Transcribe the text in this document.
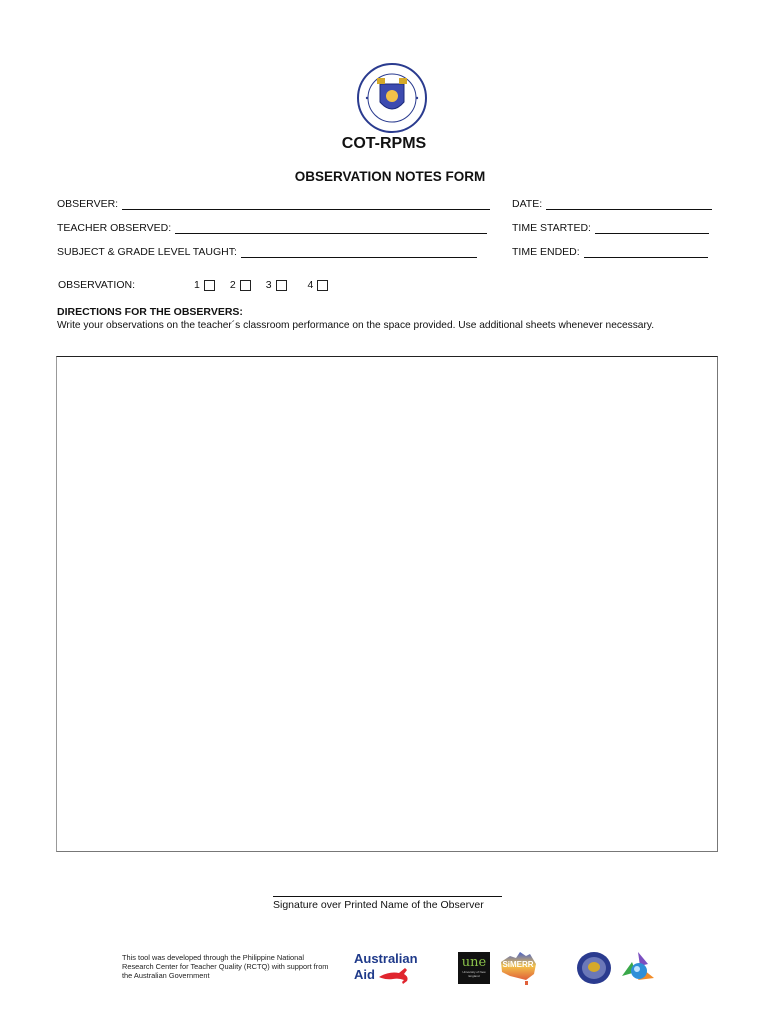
COT-RPMS
OBSERVATION NOTES FORM
OBSERVER:
TEACHER OBSERVED:
SUBJECT & GRADE LEVEL TAUGHT:
DATE:
TIME STARTED:
TIME ENDED:
OBSERVATION:	1	2	3	4
DIRECTIONS FOR THE OBSERVERS:
Write your observations on the teacher´s classroom performance on the space provided. Use additional sheets whenever necessary.
Signature over Printed Name of the Observer
This tool was developed through the Philippine National Research Center for Teacher Quality (RCTQ) with support from the Australian Government
Australian
Aid
une
University of New England
SiMERR
